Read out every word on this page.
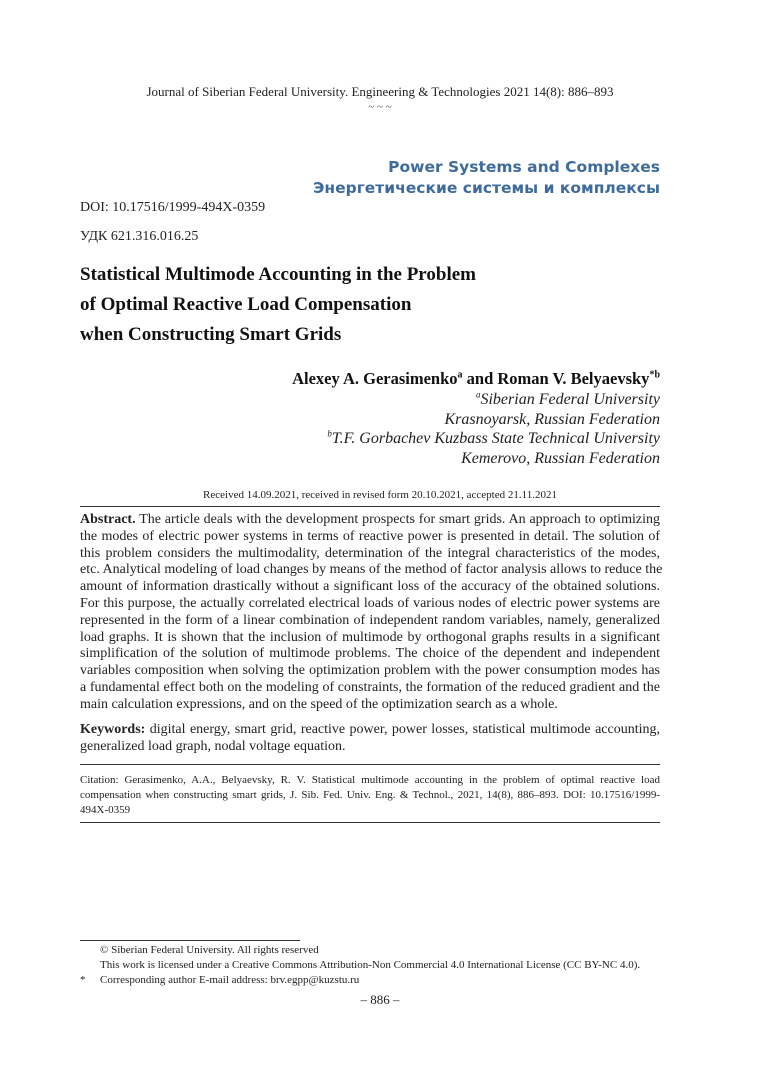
Journal of Siberian Federal University. Engineering & Technologies 2021 14(8): 886–893
~ ~ ~
Power Systems and Complexes
Энергетические системы и комплексы
DOI: 10.17516/1999-494X-0359
УДК 621.316.016.25
Statistical Multimode Accounting in the Problem
of Optimal Reactive Load Compensation
when Constructing Smart Grids
Alexey A. Gerasimenko$^a$ and Roman V. Belyaevsky$^{*b}$
$^a$Siberian Federal University
Krasnoyarsk, Russian Federation
$^b$T.F. Gorbachev Kuzbass State Technical University
Kemerovo, Russian Federation
Received 14.09.2021, received in revised form 20.10.2021, accepted 21.11.2021
Abstract. The article deals with the development prospects for smart grids. An approach to optimizing
the modes of electric power systems in terms of reactive power is presented in detail. The solution of
this problem considers the multimodality, determination of the integral characteristics of the modes,
etc. Analytical modeling of load changes by means of the method of factor analysis allows to reduce the
amount of information drastically without a significant loss of the accuracy of the obtained solutions.
For this purpose, the actually correlated electrical loads of various nodes of electric power systems are
represented in the form of a linear combination of independent random variables, namely, generalized
load graphs. It is shown that the inclusion of multimode by orthogonal graphs results in a significant
simplification of the solution of multimode problems. The choice of the dependent and independent
variables composition when solving the optimization problem with the power consumption modes has
a fundamental effect both on the modeling of constraints, the formation of the reduced gradient and the
main calculation expressions, and on the speed of the optimization search as a whole.
Keywords: digital energy, smart grid, reactive power, power losses, statistical multimode accounting,
generalized load graph, nodal voltage equation.
Citation: Gerasimenko, A.A., Belyaevsky, R. V. Statistical multimode accounting in the problem of optimal reactive load
compensation when constructing smart grids, J. Sib. Fed. Univ. Eng. & Technol., 2021, 14(8), 886–893. DOI: 10.17516/1999-
494X-0359
© Siberian Federal University. All rights reserved
This work is licensed under a Creative Commons Attribution-Non Commercial 4.0 International License (CC BY-NC 4.0).
Corresponding author E-mail address: brv.egpp@kuzstu.ru
*
– 886 –
